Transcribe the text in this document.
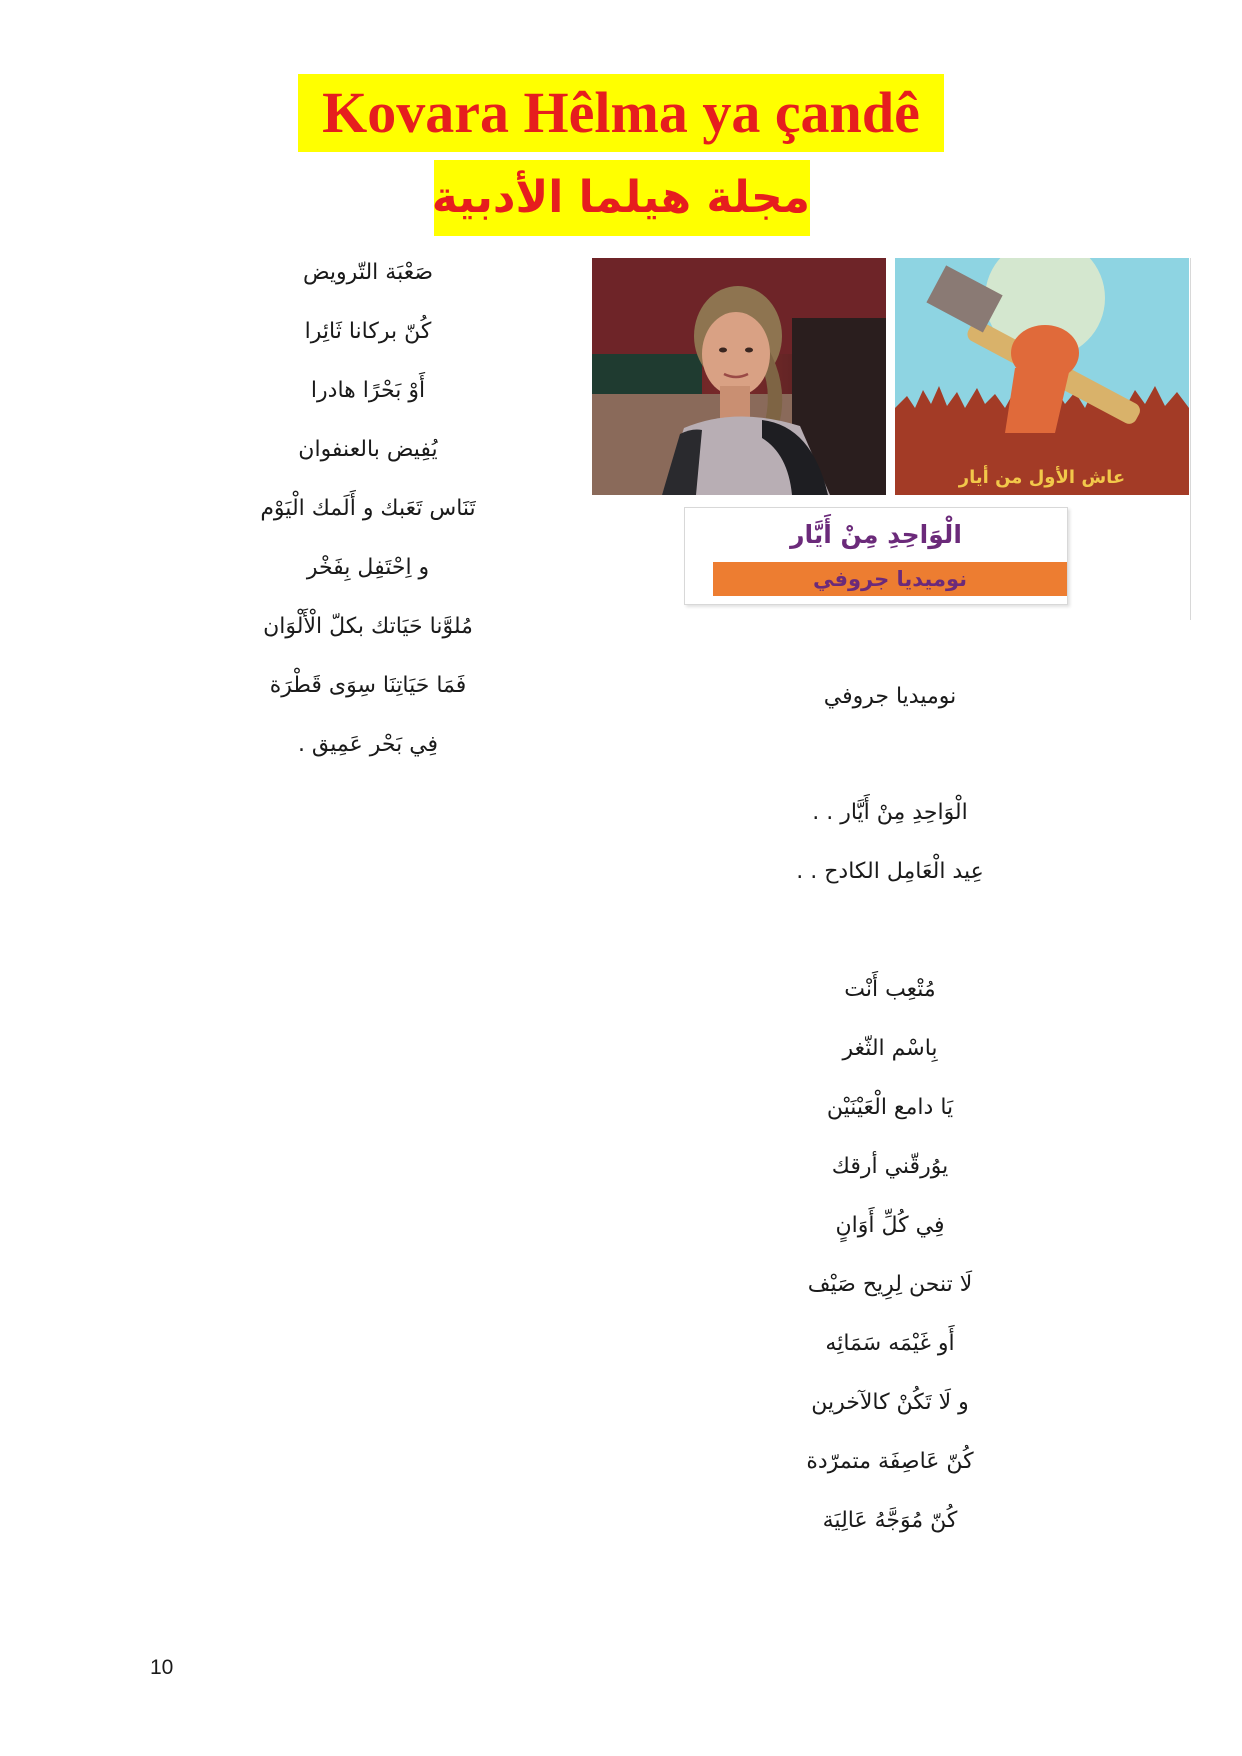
Kovara Hêlma ya çandê
مجلة هيلما الأدبية
صَعْبَة التّرويض
كُنّ بركانا ثَائِرا
أَوْ بَحْرًا هادرا
يُفِيض بالعنفوان
تَنَاس تَعَبك و أَلَمك الْيَوْم
و اِحْتَفِل بِفَخْر
مُلوَّنا حَيَاتك بكلّ الْأَلْوَان
فَمَا حَيَاتِنَا سِوَى قَطْرَة
فِي بَحْر عَمِيق .
عاش الأول من أيار
الْوَاحِدِ مِنْ أَيَّار
نوميديا جروفي
نوميديا جروفي
الْوَاحِدِ مِنْ أَيَّار . .
عِيد الْعَامِل الكادح . .
مُتْعِب أَنْت
بِاسْم الثّغر
يَا دامع الْعَيْنَيْن
يوُرقّني أرقك
فِي كُلِّ أَوَانٍ
لَا تنحن لِرِيح صَيْف
أَو غَيْمَه سَمَائِه
و لَا تَكُنْ كالآخرين
كُنّ عَاصِفَة متمرّدة
كُنّ مُوَجَّهُ عَالِيَة
10
